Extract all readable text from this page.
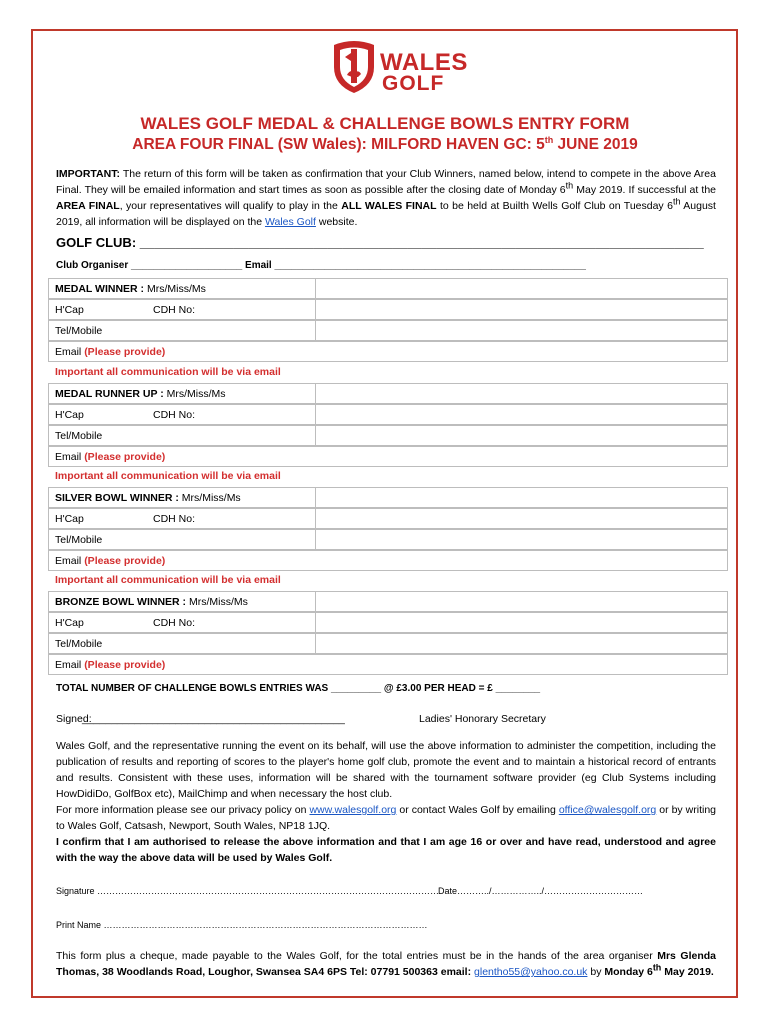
WALES
GOLF
WALES GOLF MEDAL & CHALLENGE BOWLS ENTRY FORM
AREA FOUR FINAL (SW Wales): MILFORD HAVEN GC: 5th JUNE 2019
IMPORTANT: The return of this form will be taken as confirmation that your Club Winners, named below, intend to compete in the above Area Final. They will be emailed information and start times as soon as possible after the closing date of Monday 6th May 2019. If successful at the AREA FINAL, your representatives will qualify to play in the ALL WALES FINAL to be held at Builth Wells Golf Club on Tuesday 6th August 2019, all information will be displayed on the Wales Golf website.
GOLF CLUB: ______________________________________________________________________________
Club Organiser ____________________ Email ________________________________________________________
MEDAL WINNER : Mrs/Miss/Ms
H'Cap	CDH No:
Tel/Mobile
Email (Please provide)
Important all communication will be via email
MEDAL RUNNER UP : Mrs/Miss/Ms
H'Cap	CDH No:
Tel/Mobile
Email (Please provide)
Important all communication will be via email
SILVER BOWL WINNER : Mrs/Miss/Ms
H'Cap	CDH No:
Tel/Mobile
Email (Please provide)
Important all communication will be via email
BRONZE BOWL WINNER : Mrs/Miss/Ms
H'Cap	CDH No:
Tel/Mobile
Email (Please provide)
TOTAL NUMBER OF CHALLENGE BOWLS ENTRIES WAS _________ @ £3.00 PER HEAD = £ ________
Signed:
_____________________________________________	Ladies' Honorary Secretary
Wales Golf, and the representative running the event on its behalf, will use the above information to administer the competition, including the publication of results and reporting of scores to the player's home golf club, promote the event and to maintain a historical record of entrants and results. Consistent with these uses, information will be shared with the tournament software provider (eg Club Systems including HowDidiDo, GolfBox etc), MailChimp and when necessary the host club.
For more information please see our privacy policy on www.walesgolf.org or contact Wales Golf by emailing office@walesgolf.org or by writing to Wales Golf, Catsash, Newport, South Wales, NP18 1JQ.
I confirm that I am authorised to release the above information and that I am age 16 or over and have read, understood and agree with the way the above data will be used by Wales Golf.
Signature ……………………………………………………………………………………………………
Date………../……………../……………………………
Print Name ………………………………………………………………………………………………
This form plus a cheque, made payable to the Wales Golf, for the total entries must be in the hands of the area organiser Mrs Glenda Thomas, 38 Woodlands Road, Loughor, Swansea SA4 6PS Tel: 07791 500363 email: glentho55@yahoo.co.uk by Monday 6th May 2019.
